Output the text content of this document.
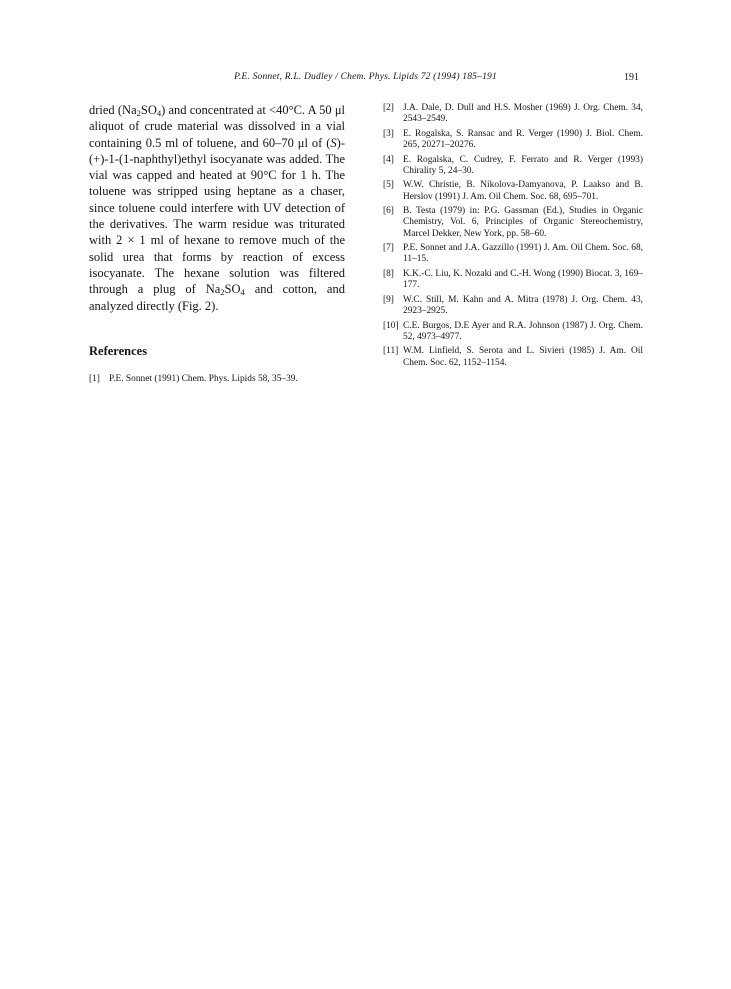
P.E. Sonnet, R.L. Dudley / Chem. Phys. Lipids 72 (1994) 185–191	191

dried $(Na_2SO_4)$ and concentrated at <40°C. A 50 μl aliquot of crude material was dissolved in a vial containing 0.5 ml of toluene, and 60–70 μl of (S)-(+)-1-(1-naphthyl)ethyl isocyanate was added. The vial was capped and heated at 90°C for 1 h. The toluene was stripped using heptane as a chaser, since toluene could interfere with UV detection of the derivatives. The warm residue was triturated with 2 × 1 ml of hexane to remove much of the solid urea that forms by reaction of excess isocyanate. The hexane solution was filtered through a plug of $Na_2SO_4$ and cotton, and analyzed directly (Fig. 2).

References
[1] P.E. Sonnet (1991) Chem. Phys. Lipids 58, 35–39.
[2] J.A. Dale, D. Dull and H.S. Mosher (1969) J. Org. Chem. 34, 2543–2549.
[3] E. Rogalska, S. Ransac and R. Verger (1990) J. Biol. Chem. 265, 20271–20276.
[4] E. Rogalska, C. Cudrey, F. Ferrato and R. Verger (1993) Chirality 5, 24–30.
[5] W.W. Christie, B. Nikolova-Damyanova, P. Laakso and B. Herslov (1991) J. Am. Oil Chem. Soc. 68, 695–701.
[6] B. Testa (1979) in: P.G. Gassman (Ed.), Studies in Organic Chemistry, Vol. 6, Principles of Organic Stereochemistry, Marcel Dekker, New York, pp. 58–60.
[7] P.E. Sonnet and J.A. Gazzillo (1991) J. Am. Oil Chem. Soc. 68, 11–15.
[8] K.K.-C. Liu, K. Nozaki and C.-H. Wong (1990) Biocat. 3, 169–177.
[9] W.C. Still, M. Kahn and A. Mitra (1978) J. Org. Chem. 43, 2923–2925.
[10] C.E. Burgos, D.E Ayer and R.A. Johnson (1987) J. Org. Chem. 52, 4973–4977.
[11] W.M. Linfield, S. Serota and L. Sivieri (1985) J. Am. Oil Chem. Soc. 62, 1152–1154.
